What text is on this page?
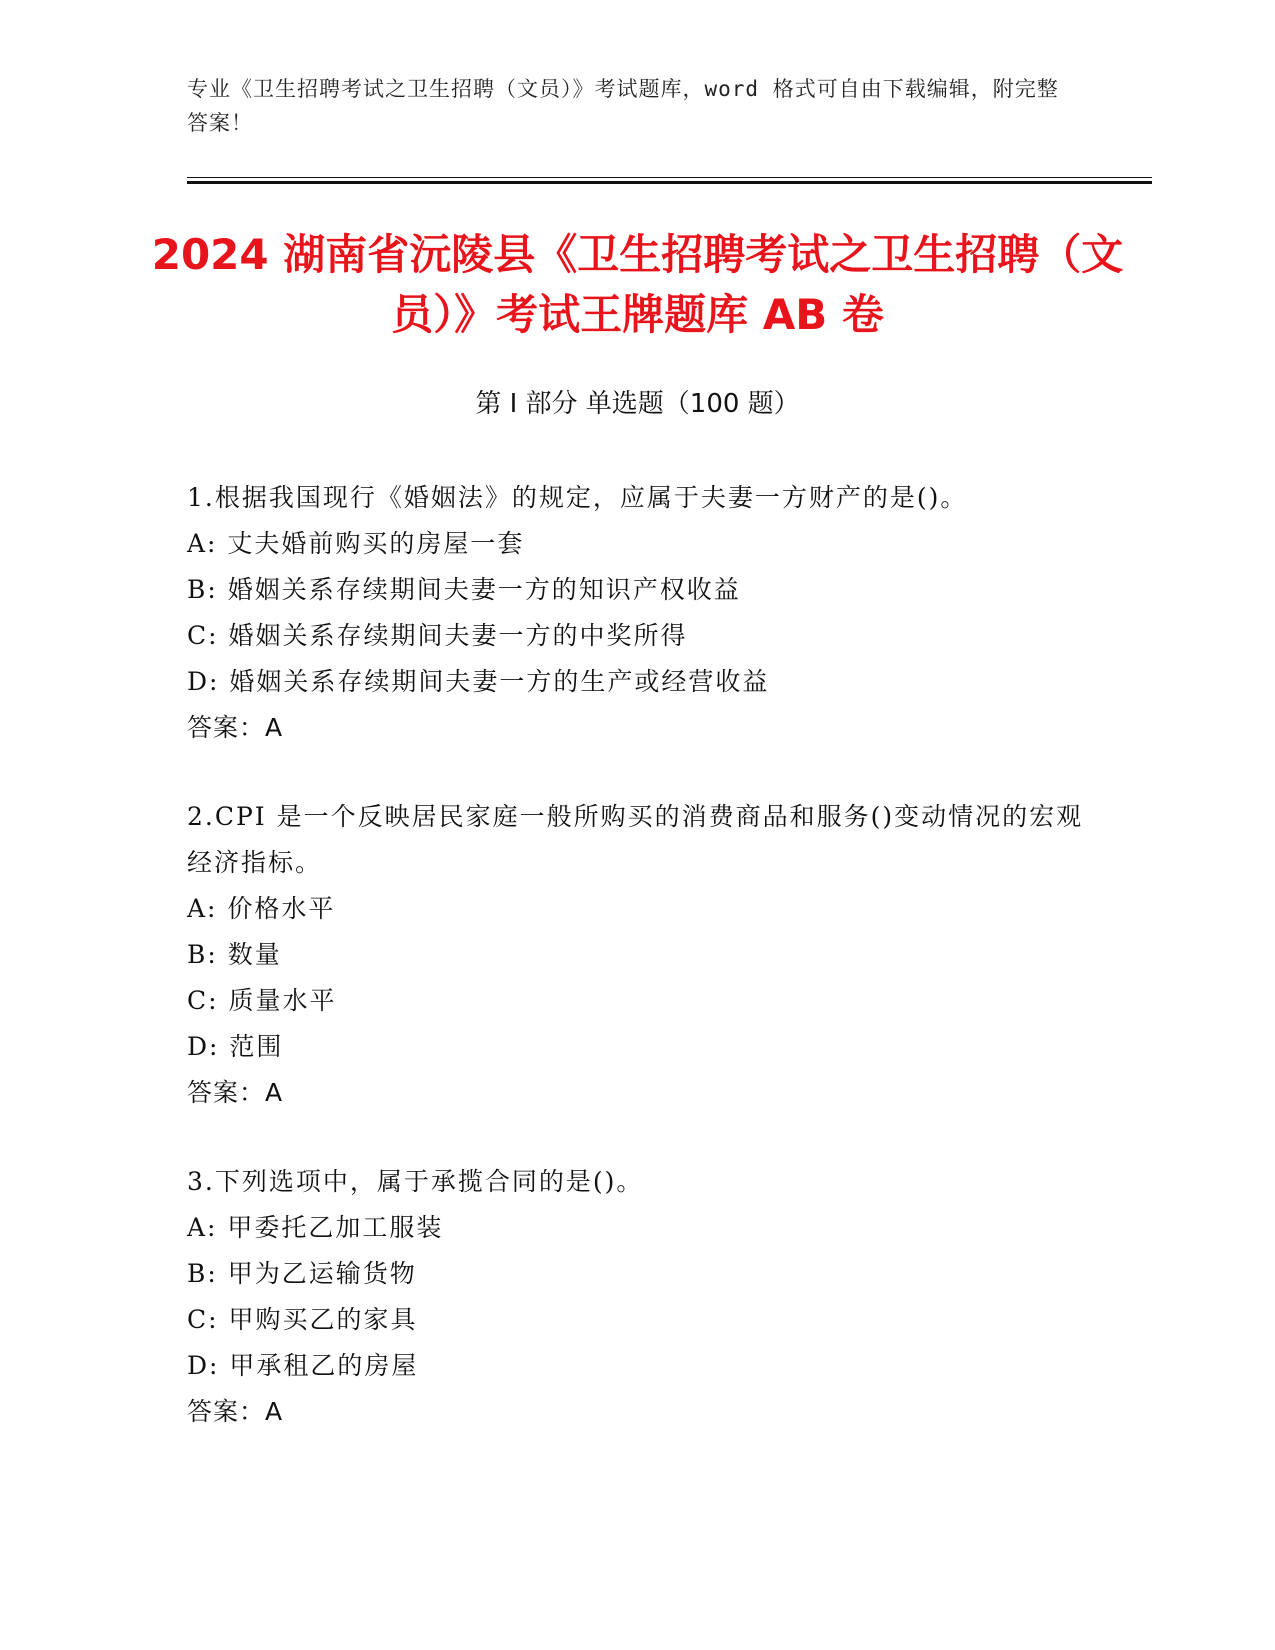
专业《卫生招聘考试之卫生招聘（文员）》考试题库，word 格式可自由下载编辑，附完整答案！
2024 湖南省沅陵县《卫生招聘考试之卫生招聘（文员）》考试王牌题库 AB 卷
第 I 部分 单选题（100 题）
1.根据我国现行《婚姻法》的规定，应属于夫妻一方财产的是()。
A: 丈夫婚前购买的房屋一套
B: 婚姻关系存续期间夫妻一方的知识产权收益
C: 婚姻关系存续期间夫妻一方的中奖所得
D: 婚姻关系存续期间夫妻一方的生产或经营收益
答案：A
2.CPI 是一个反映居民家庭一般所购买的消费商品和服务()变动情况的宏观经济指标。
A: 价格水平
B: 数量
C: 质量水平
D: 范围
答案：A
3.下列选项中，属于承揽合同的是()。
A: 甲委托乙加工服装
B: 甲为乙运输货物
C: 甲购买乙的家具
D: 甲承租乙的房屋
答案：A
